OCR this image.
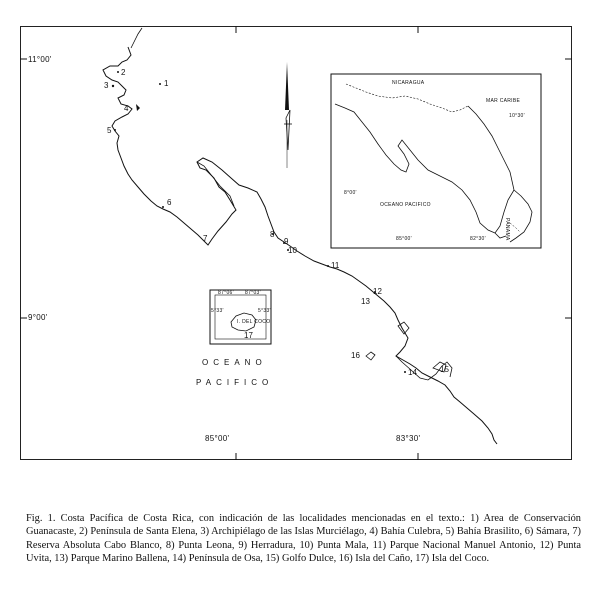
11°00'
9°00'
85°00'	83°30'
1
2
3
4
5
6
7	8
9
10
11
12
13
14	15
16
OCEANO
PACIFICO
87°06' 87°03'
5°33'	5°33'
I. DEL COCO
17
NICARAGUA
MAR CARIBE
10°30'
8°00'
OCEANO PACIFICO
85°00'	82°30'	PANAMA
Fig. 1. Costa Pacífica de Costa Rica, con indicación de las localidades mencionadas en el texto.: 1) Area de Conservación Guanacaste, 2) Península de Santa Elena, 3) Archipiélago de las Islas Murciélago, 4) Bahía Culebra, 5) Bahía Brasilito, 6) Sámara, 7) Reserva Absoluta Cabo Blanco, 8) Punta Leona, 9) Herradura, 10) Punta Mala, 11) Parque Nacional Manuel Antonio, 12) Punta Uvita, 13) Parque Marino Ballena, 14) Península de Osa, 15) Golfo Dulce, 16) Isla del Caño, 17) Isla del Coco.
